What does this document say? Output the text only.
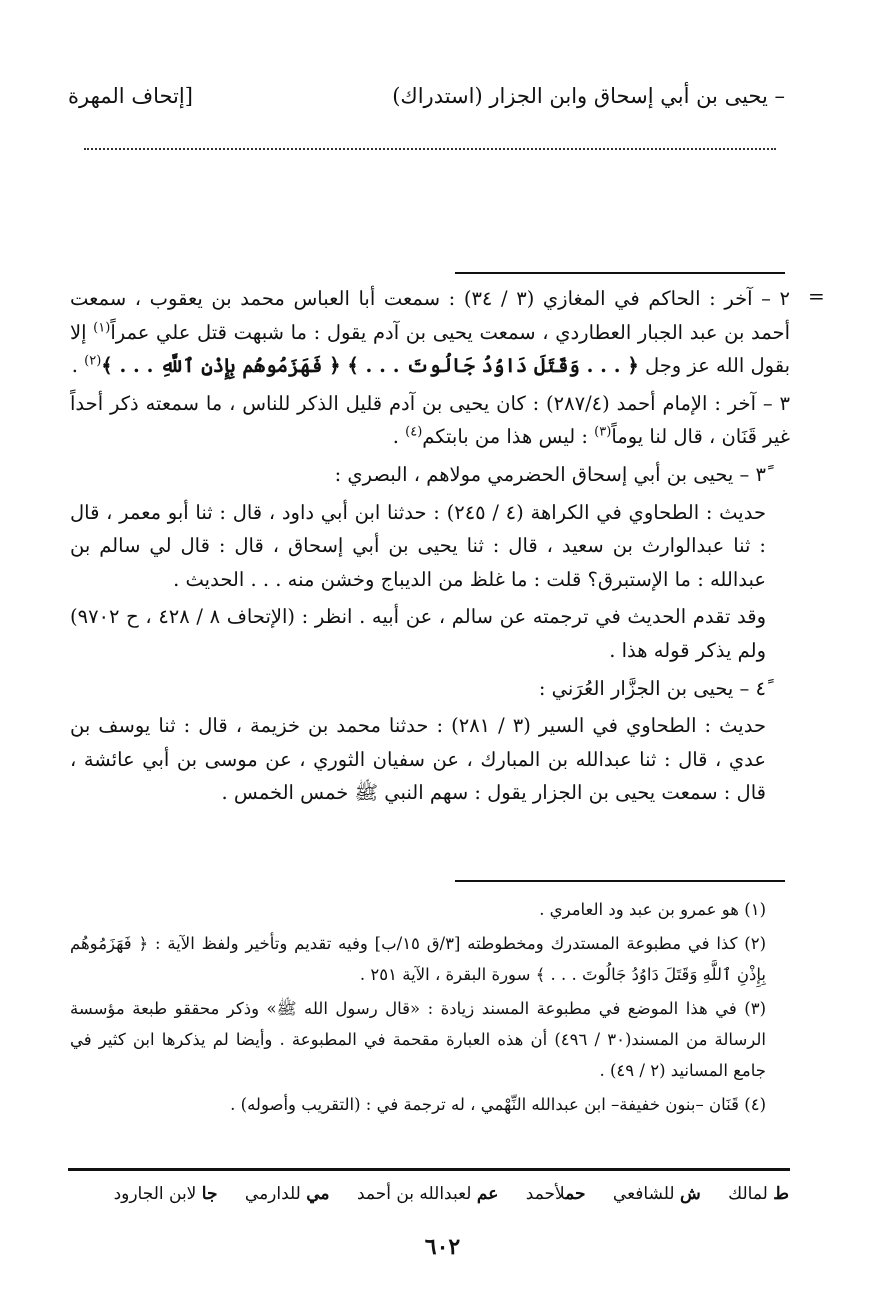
– يحيى بن أبي إسحاق وابن الجزار (استدراك)
[إتحاف المهرة
=

٢ – آخر : الحاكم في المغازي (٣ / ٣٤) : سمعت أبا العباس محمد بن يعقوب ، سمعت أحمد بن عبد الجبار العطاردي ، سمعت يحيى بن آدم يقول : ما شبهت قتل علي عمراً$^{(١)}$ إلا بقول الله عز وجل ﴿ . . . وَقَتَلَ دَاوُدُ جَالُوتَ . . . ﴾ ﴿ فَهَزَمُوهُم بِإِذْنِ ٱللَّهِ . . . ﴾$^{(٢)}$ .

٣ – آخر : الإمام أحمد (٢٨٧/٤) : كان يحيى بن آدم قليل الذكر للناس ، ما سمعته ذكر أحداً غير قَنَان ، قال لنا يوماً$^{(٣)}$ : ليس هذا من بابتكم$^{(٤)}$ .

٣ً – يحيى بن أبي إسحاق الحضرمي مولاهم ، البصري :

حديث : الطحاوي في الكراهة (٤ / ٢٤٥) : حدثنا ابن أبي داود ، قال : ثنا أبو معمر ، قال : ثنا عبدالوارث بن سعيد ، قال : ثنا يحيى بن أبي إسحاق ، قال : قال لي سالم بن عبدالله : ما الإستبرق؟ قلت : ما غلظ من الديباج وخشن منه . . . الحديث .

وقد تقدم الحديث في ترجمته عن سالم ، عن أبيه . انظر : (الإتحاف ٨ / ٤٢٨ ، ح ٩٧٠٢) ولم يذكر قوله هذا .

٤ً – يحيى بن الجزَّار العُرَني :

حديث : الطحاوي في السير (٣ / ٢٨١) : حدثنا محمد بن خزيمة ، قال : ثنا يوسف بن عدي ، قال : ثنا عبدالله بن المبارك ، عن سفيان الثوري ، عن موسى بن أبي عائشة ، قال : سمعت يحيى بن الجزار يقول : سهم النبي ﷺ خمس الخمس .

(١) هو عمرو بن عبد ود العامري .

(٢) كذا في مطبوعة المستدرك ومخطوطته [٣/ق ١٥/ب] وفيه تقديم وتأخير ولفظ الآية : ﴿ فَهَزَمُوهُم بِإِذْنِ ٱللَّهِ وَقَتَلَ دَاوُدُ جَالُوتَ . . . ﴾ سورة البقرة ، الآية ٢٥١ .

(٣) في هذا الموضع في مطبوعة المسند زيادة : «قال رسول الله ﷺ» وذكر محققو طبعة مؤسسة الرسالة من المسند(٣٠ / ٤٩٦) أن هذه العبارة مقحمة في المطبوعة . وأيضا لم يذكرها ابن كثير في جامع المسانيد (٢ / ٤٩) .

(٤) قَنَان –بنون خفيفة– ابن عبدالله النِّهْمي ، له ترجمة في : (التقريب وأصوله) .

ط لمالك ش للشافعي حملأحمد عم لعبدالله بن أحمد مي للدارمي جا لابن الجارود
٦٠٢
